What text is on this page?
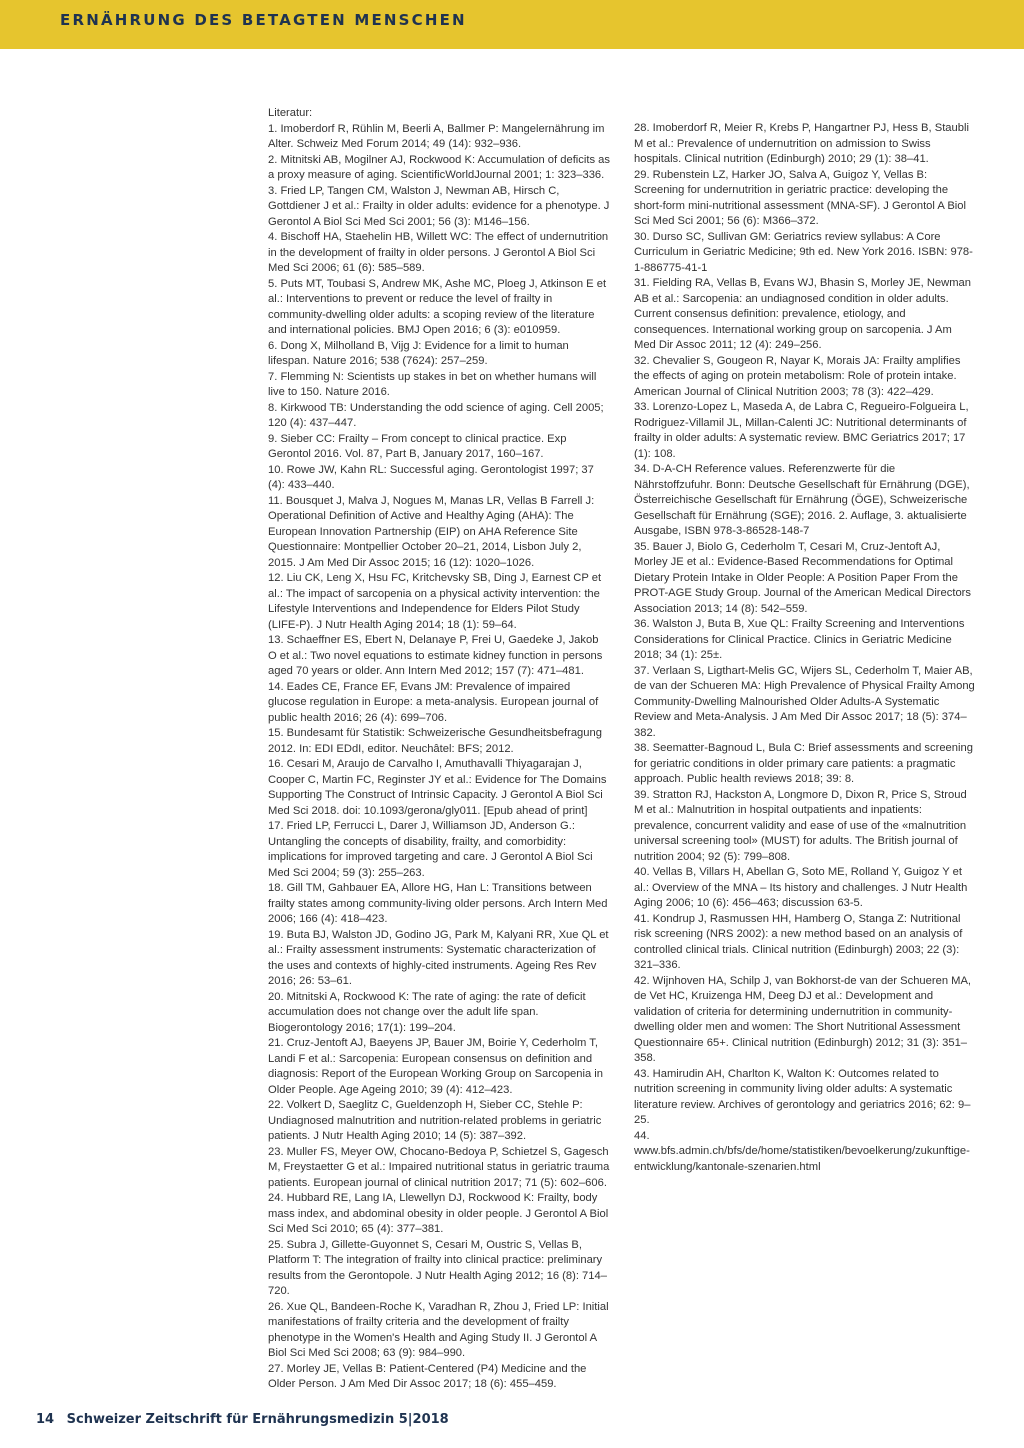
ERNÄHRUNG DES BETAGTEN MENSCHEN

Literatur:

1. Imoberdorf R, Rühlin M, Beerli A, Ballmer P: Mangelernährung im Alter. Schweiz Med Forum 2014; 49 (14): 932–936.

2. Mitnitski AB, Mogilner AJ, Rockwood K: Accumulation of deficits as a proxy measure of aging. ScientificWorldJournal 2001; 1: 323–336.

3. Fried LP, Tangen CM, Walston J, Newman AB, Hirsch C, Gottdiener J et al.: Frailty in older adults: evidence for a phenotype. J Gerontol A Biol Sci Med Sci 2001; 56 (3): M146–156.

4. Bischoff HA, Staehelin HB, Willett WC: The effect of undernutrition in the development of frailty in older persons. J Gerontol A Biol Sci Med Sci 2006; 61 (6): 585–589.

5. Puts MT, Toubasi S, Andrew MK, Ashe MC, Ploeg J, Atkinson E et al.: Interventions to prevent or reduce the level of frailty in community-dwelling older adults: a scoping review of the literature and international policies. BMJ Open 2016; 6 (3): e010959.

6. Dong X, Milholland B, Vijg J: Evidence for a limit to human lifespan. Nature 2016; 538 (7624): 257–259.

7. Flemming N: Scientists up stakes in bet on whether humans will live to 150. Nature 2016.

8. Kirkwood TB: Understanding the odd science of aging. Cell 2005; 120 (4): 437–447.

9. Sieber CC: Frailty – From concept to clinical practice. Exp Gerontol 2016. Vol. 87, Part B, January 2017, 160–167.

10. Rowe JW, Kahn RL: Successful aging. Gerontologist 1997; 37 (4): 433–440.

11. Bousquet J, Malva J, Nogues M, Manas LR, Vellas B Farrell J: Operational Definition of Active and Healthy Aging (AHA): The European Innovation Partnership (EIP) on AHA Reference Site Questionnaire: Montpellier October 20–21, 2014, Lisbon July 2, 2015. J Am Med Dir Assoc 2015; 16 (12): 1020–1026.

12. Liu CK, Leng X, Hsu FC, Kritchevsky SB, Ding J, Earnest CP et al.: The impact of sarcopenia on a physical activity intervention: the Lifestyle Interventions and Independence for Elders Pilot Study (LIFE-P). J Nutr Health Aging 2014; 18 (1): 59–64.

13. Schaeffner ES, Ebert N, Delanaye P, Frei U, Gaedeke J, Jakob O et al.: Two novel equations to estimate kidney function in persons aged 70 years or older. Ann Intern Med 2012; 157 (7): 471–481.

14. Eades CE, France EF, Evans JM: Prevalence of impaired glucose regulation in Europe: a meta-analysis. European journal of public health 2016; 26 (4): 699–706.

15. Bundesamt für Statistik: Schweizerische Gesundheitsbefragung 2012. In: EDI EDdI, editor. Neuchâtel: BFS; 2012.

16. Cesari M, Araujo de Carvalho I, Amuthavalli Thiyagarajan J, Cooper C, Martin FC, Reginster JY et al.: Evidence for The Domains Supporting The Construct of Intrinsic Capacity. J Gerontol A Biol Sci Med Sci 2018. doi: 10.1093/gerona/gly011. [Epub ahead of print]

17. Fried LP, Ferrucci L, Darer J, Williamson JD, Anderson G.: Untangling the concepts of disability, frailty, and comorbidity: implications for improved targeting and care. J Gerontol A Biol Sci Med Sci 2004; 59 (3): 255–263.

18. Gill TM, Gahbauer EA, Allore HG, Han L: Transitions between frailty states among community-living older persons. Arch Intern Med 2006; 166 (4): 418–423.

19. Buta BJ, Walston JD, Godino JG, Park M, Kalyani RR, Xue QL et al.: Frailty assessment instruments: Systematic characterization of the uses and contexts of highly-cited instruments. Ageing Res Rev 2016; 26: 53–61.

20. Mitnitski A, Rockwood K: The rate of aging: the rate of deficit accumulation does not change over the adult life span. Biogerontology 2016; 17(1): 199–204.

21. Cruz-Jentoft AJ, Baeyens JP, Bauer JM, Boirie Y, Cederholm T, Landi F et al.: Sarcopenia: European consensus on definition and diagnosis: Report of the European Working Group on Sarcopenia in Older People. Age Ageing 2010; 39 (4): 412–423.

22. Volkert D, Saeglitz C, Gueldenzoph H, Sieber CC, Stehle P: Undiagnosed malnutrition and nutrition-related problems in geriatric patients. J Nutr Health Aging 2010; 14 (5): 387–392.

23. Muller FS, Meyer OW, Chocano-Bedoya P, Schietzel S, Gagesch M, Freystaetter G et al.: Impaired nutritional status in geriatric trauma patients. European journal of clinical nutrition 2017; 71 (5): 602–606.

24. Hubbard RE, Lang IA, Llewellyn DJ, Rockwood K: Frailty, body mass index, and abdominal obesity in older people. J Gerontol A Biol Sci Med Sci 2010; 65 (4): 377–381.

25. Subra J, Gillette-Guyonnet S, Cesari M, Oustric S, Vellas B, Platform T: The integration of frailty into clinical practice: preliminary results from the Gerontopole. J Nutr Health Aging 2012; 16 (8): 714–720.

26. Xue QL, Bandeen-Roche K, Varadhan R, Zhou J, Fried LP: Initial manifestations of frailty criteria and the development of frailty phenotype in the Women's Health and Aging Study II. J Gerontol A Biol Sci Med Sci 2008; 63 (9): 984–990.

27. Morley JE, Vellas B: Patient-Centered (P4) Medicine and the Older Person. J Am Med Dir Assoc 2017; 18 (6): 455–459.

28. Imoberdorf R, Meier R, Krebs P, Hangartner PJ, Hess B, Staubli M et al.: Prevalence of undernutrition on admission to Swiss hospitals. Clinical nutrition (Edinburgh) 2010; 29 (1): 38–41.

29. Rubenstein LZ, Harker JO, Salva A, Guigoz Y, Vellas B: Screening for undernutrition in geriatric practice: developing the short-form mini-nutritional assessment (MNA-SF). J Gerontol A Biol Sci Med Sci 2001; 56 (6): M366–372.

30. Durso SC, Sullivan GM: Geriatrics review syllabus: A Core Curriculum in Geriatric Medicine; 9th ed. New York 2016. ISBN: 978-1-886775-41-1

31. Fielding RA, Vellas B, Evans WJ, Bhasin S, Morley JE, Newman AB et al.: Sarcopenia: an undiagnosed condition in older adults. Current consensus definition: prevalence, etiology, and consequences. International working group on sarcopenia. J Am Med Dir Assoc 2011; 12 (4): 249–256.

32. Chevalier S, Gougeon R, Nayar K, Morais JA: Frailty amplifies the effects of aging on protein metabolism: Role of protein intake. American Journal of Clinical Nutrition 2003; 78 (3): 422–429.

33. Lorenzo-Lopez L, Maseda A, de Labra C, Regueiro-Folgueira L, Rodriguez-Villamil JL, Millan-Calenti JC: Nutritional determinants of frailty in older adults: A systematic review. BMC Geriatrics 2017; 17 (1): 108.

34. D-A-CH Reference values. Referenzwerte für die Nährstoffzufuhr. Bonn: Deutsche Gesellschaft für Ernährung (DGE), Österreichische Gesellschaft für Ernährung (ÖGE), Schweizerische Gesellschaft für Ernährung (SGE); 2016. 2. Auflage, 3. aktualisierte Ausgabe, ISBN 978-3-86528-148-7

35. Bauer J, Biolo G, Cederholm T, Cesari M, Cruz-Jentoft AJ, Morley JE et al.: Evidence-Based Recommendations for Optimal Dietary Protein Intake in Older People: A Position Paper From the PROT-AGE Study Group. Journal of the American Medical Directors Association 2013; 14 (8): 542–559.

36. Walston J, Buta B, Xue QL: Frailty Screening and Interventions Considerations for Clinical Practice. Clinics in Geriatric Medicine 2018; 34 (1): 25±.

37. Verlaan S, Ligthart-Melis GC, Wijers SL, Cederholm T, Maier AB, de van der Schueren MA: High Prevalence of Physical Frailty Among Community-Dwelling Malnourished Older Adults-A Systematic Review and Meta-Analysis. J Am Med Dir Assoc 2017; 18 (5): 374–382.

38. Seematter-Bagnoud L, Bula C: Brief assessments and screening for geriatric conditions in older primary care patients: a pragmatic approach. Public health reviews 2018; 39: 8.

39. Stratton RJ, Hackston A, Longmore D, Dixon R, Price S, Stroud M et al.: Malnutrition in hospital outpatients and inpatients: prevalence, concurrent validity and ease of use of the «malnutrition universal screening tool» (MUST) for adults. The British journal of nutrition 2004; 92 (5): 799–808.

40. Vellas B, Villars H, Abellan G, Soto ME, Rolland Y, Guigoz Y et al.: Overview of the MNA – Its history and challenges. J Nutr Health Aging 2006; 10 (6): 456–463; discussion 63-5.

41. Kondrup J, Rasmussen HH, Hamberg O, Stanga Z: Nutritional risk screening (NRS 2002): a new method based on an analysis of controlled clinical trials. Clinical nutrition (Edinburgh) 2003; 22 (3): 321–336.

42. Wijnhoven HA, Schilp J, van Bokhorst-de van der Schueren MA, de Vet HC, Kruizenga HM, Deeg DJ et al.: Development and validation of criteria for determining undernutrition in community-dwelling older men and women: The Short Nutritional Assessment Questionnaire 65+. Clinical nutrition (Edinburgh) 2012; 31 (3): 351–358.

43. Hamirudin AH, Charlton K, Walton K: Outcomes related to nutrition screening in community living older adults: A systematic literature review. Archives of gerontology and geriatrics 2016; 62: 9–25.

44. www.bfs.admin.ch/bfs/de/home/statistiken/bevoelkerung/zukunftige-entwicklung/kantonale-szenarien.html

14 Schweizer Zeitschrift für Ernährungsmedizin 5|2018
